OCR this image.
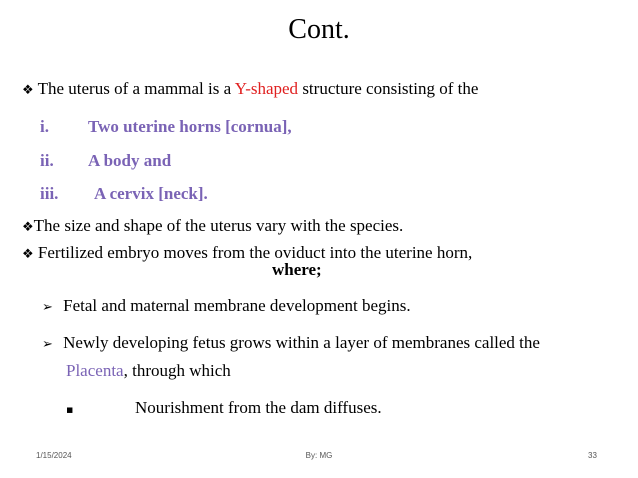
Cont.
❖ The uterus of a mammal is a Y-shaped structure consisting of the
i. Two uterine horns [cornua],
ii. A body and
iii. A cervix [neck].
❖The size and shape of the uterus vary with the species.
❖ Fertilized embryo moves from the oviduct into the uterine horn,
where;
➢ Fetal and maternal membrane development begins.
➢ Newly developing fetus grows within a layer of membranes called the
Placenta, through which
▪	Nourishment from the dam diffuses.
1/15/2024	By: MG	33
